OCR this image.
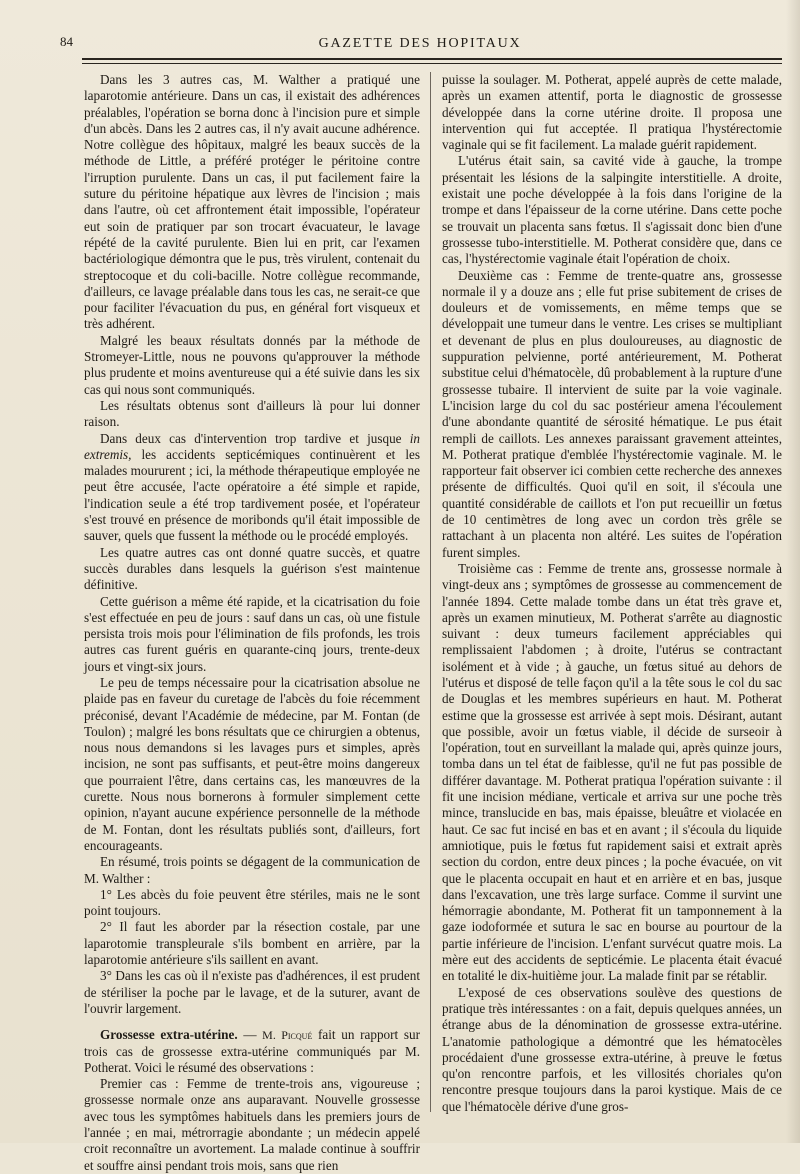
84	GAZETTE DES HOPITAUX

Dans les 3 autres cas, M. Walther a pratiqué une laparotomie antérieure. Dans un cas, il existait des adhérences préalables, l'opération se borna donc à l'incision pure et simple d'un abcès. Dans les 2 autres cas, il n'y avait aucune adhérence. Notre collègue des hôpitaux, malgré les beaux succès de la méthode de Little, a préféré protéger le péritoine contre l'irruption purulente. Dans un cas, il put facilement faire la suture du péritoine hépatique aux lèvres de l'incision ; mais dans l'autre, où cet affrontement était impossible, l'opérateur eut soin de pratiquer par son trocart évacuateur, le lavage répété de la cavité purulente. Bien lui en prit, car l'examen bactériologique démontra que le pus, très virulent, contenait du streptocoque et du coli-bacille. Notre collègue recommande, d'ailleurs, ce lavage préalable dans tous les cas, ne serait-ce que pour faciliter l'évacuation du pus, en général fort visqueux et très adhérent.

Malgré les beaux résultats donnés par la méthode de Stromeyer-Little, nous ne pouvons qu'approuver la méthode plus prudente et moins aventureuse qui a été suivie dans les six cas qui nous sont communiqués.

Les résultats obtenus sont d'ailleurs là pour lui donner raison.

Dans deux cas d'intervention trop tardive et jusque in extremis, les accidents septicémiques continuèrent et les malades moururent ; ici, la méthode thérapeutique employée ne peut être accusée, l'acte opératoire a été simple et rapide, l'indication seule a été trop tardivement posée, et l'opérateur s'est trouvé en présence de moribonds qu'il était impossible de sauver, quels que fussent la méthode ou le procédé employés.

Les quatre autres cas ont donné quatre succès, et quatre succès durables dans lesquels la guérison s'est maintenue définitive.

Cette guérison a même été rapide, et la cicatrisation du foie s'est effectuée en peu de jours : sauf dans un cas, où une fistule persista trois mois pour l'élimination de fils profonds, les trois autres cas furent guéris en quarante-cinq jours, trente-deux jours et vingt-six jours.

Le peu de temps nécessaire pour la cicatrisation absolue ne plaide pas en faveur du curetage de l'abcès du foie récemment préconisé, devant l'Académie de médecine, par M. Fontan (de Toulon) ; malgré les bons résultats que ce chirurgien a obtenus, nous nous demandons si les lavages purs et simples, après incision, ne sont pas suffisants, et peut-être moins dangereux que pourraient l'être, dans certains cas, les manœuvres de la curette. Nous nous bornerons à formuler simplement cette opinion, n'ayant aucune expérience personnelle de la méthode de M. Fontan, dont les résultats publiés sont, d'ailleurs, fort encourageants.

En résumé, trois points se dégagent de la communication de M. Walther :

1° Les abcès du foie peuvent être stériles, mais ne le sont point toujours.

2° Il faut les aborder par la résection costale, par une laparotomie transpleurale s'ils bombent en arrière, par la laparotomie antérieure s'ils saillent en avant.

3° Dans les cas où il n'existe pas d'adhérences, il est prudent de stériliser la poche par le lavage, et de la suturer, avant de l'ouvrir largement.

Grossesse extra-utérine. — M. Picqué fait un rapport sur trois cas de grossesse extra-utérine communiqués par M. Potherat. Voici le résumé des observations :

Premier cas : Femme de trente-trois ans, vigoureuse ; grossesse normale onze ans auparavant. Nouvelle grossesse avec tous les symptômes habituels dans les premiers jours de l'année ; en mai, métrorragie abondante ; un médecin appelé croit reconnaître un avortement. La malade continue à souffrir et souffre ainsi pendant trois mois, sans que rien

puisse la soulager. M. Potherat, appelé auprès de cette malade, après un examen attentif, porta le diagnostic de grossesse développée dans la corne utérine droite. Il proposa une intervention qui fut acceptée. Il pratiqua l'hystérectomie vaginale qui se fit facilement. La malade guérit rapidement.

L'utérus était sain, sa cavité vide à gauche, la trompe présentait les lésions de la salpingite interstitielle. A droite, existait une poche développée à la fois dans l'origine de la trompe et dans l'épaisseur de la corne utérine. Dans cette poche se trouvait un placenta sans fœtus. Il s'agissait donc bien d'une grossesse tubo-interstitielle. M. Potherat considère que, dans ce cas, l'hystérectomie vaginale était l'opération de choix.

Deuxième cas : Femme de trente-quatre ans, grossesse normale il y a douze ans ; elle fut prise subitement de crises de douleurs et de vomissements, en même temps que se développait une tumeur dans le ventre. Les crises se multipliant et devenant de plus en plus douloureuses, au diagnostic de suppuration pelvienne, porté antérieurement, M. Potherat substitue celui d'hématocèle, dû probablement à la rupture d'une grossesse tubaire. Il intervient de suite par la voie vaginale. L'incision large du col du sac postérieur amena l'écoulement d'une abondante quantité de sérosité hématique. Le pus était rempli de caillots. Les annexes paraissant gravement atteintes, M. Potherat pratique d'emblée l'hystérectomie vaginale. M. le rapporteur fait observer ici combien cette recherche des annexes présente de difficultés. Quoi qu'il en soit, il s'écoula une quantité considérable de caillots et l'on put recueillir un fœtus de 10 centimètres de long avec un cordon très grêle se rattachant à un placenta non altéré. Les suites de l'opération furent simples.

Troisième cas : Femme de trente ans, grossesse normale à vingt-deux ans ; symptômes de grossesse au commencement de l'année 1894. Cette malade tombe dans un état très grave et, après un examen minutieux, M. Potherat s'arrête au diagnostic suivant : deux tumeurs facilement appréciables qui remplissaient l'abdomen ; à droite, l'utérus se contractant isolément et à vide ; à gauche, un fœtus situé au dehors de l'utérus et disposé de telle façon qu'il a la tête sous le col du sac de Douglas et les membres supérieurs en haut. M. Potherat estime que la grossesse est arrivée à sept mois. Désirant, autant que possible, avoir un fœtus viable, il décide de surseoir à l'opération, tout en surveillant la malade qui, après quinze jours, tomba dans un tel état de faiblesse, qu'il ne fut pas possible de différer davantage. M. Potherat pratiqua l'opération suivante : il fit une incision médiane, verticale et arriva sur une poche très mince, translucide en bas, mais épaisse, bleuâtre et violacée en haut. Ce sac fut incisé en bas et en avant ; il s'écoula du liquide amniotique, puis le fœtus fut rapidement saisi et extrait après section du cordon, entre deux pinces ; la poche évacuée, on vit que le placenta occupait en haut et en arrière et en bas, jusque dans l'excavation, une très large surface. Comme il survint une hémorragie abondante, M. Potherat fit un tamponnement à la gaze iodoformée et sutura le sac en bourse au pourtour de la partie inférieure de l'incision. L'enfant survécut quatre mois. La mère eut des accidents de septicémie. Le placenta était évacué en totalité le dix-huitième jour. La malade finit par se rétablir.

L'exposé de ces observations soulève des questions de pratique très intéressantes : on a fait, depuis quelques années, un étrange abus de la dénomination de grossesse extra-utérine. L'anatomie pathologique a démontré que les hématocèles procédaient d'une grossesse extra-utérine, à preuve le fœtus qu'on rencontre parfois, et les villosités choriales qu'on rencontre presque toujours dans la paroi kystique. Mais de ce que l'hématocèle dérive d'une gros-
